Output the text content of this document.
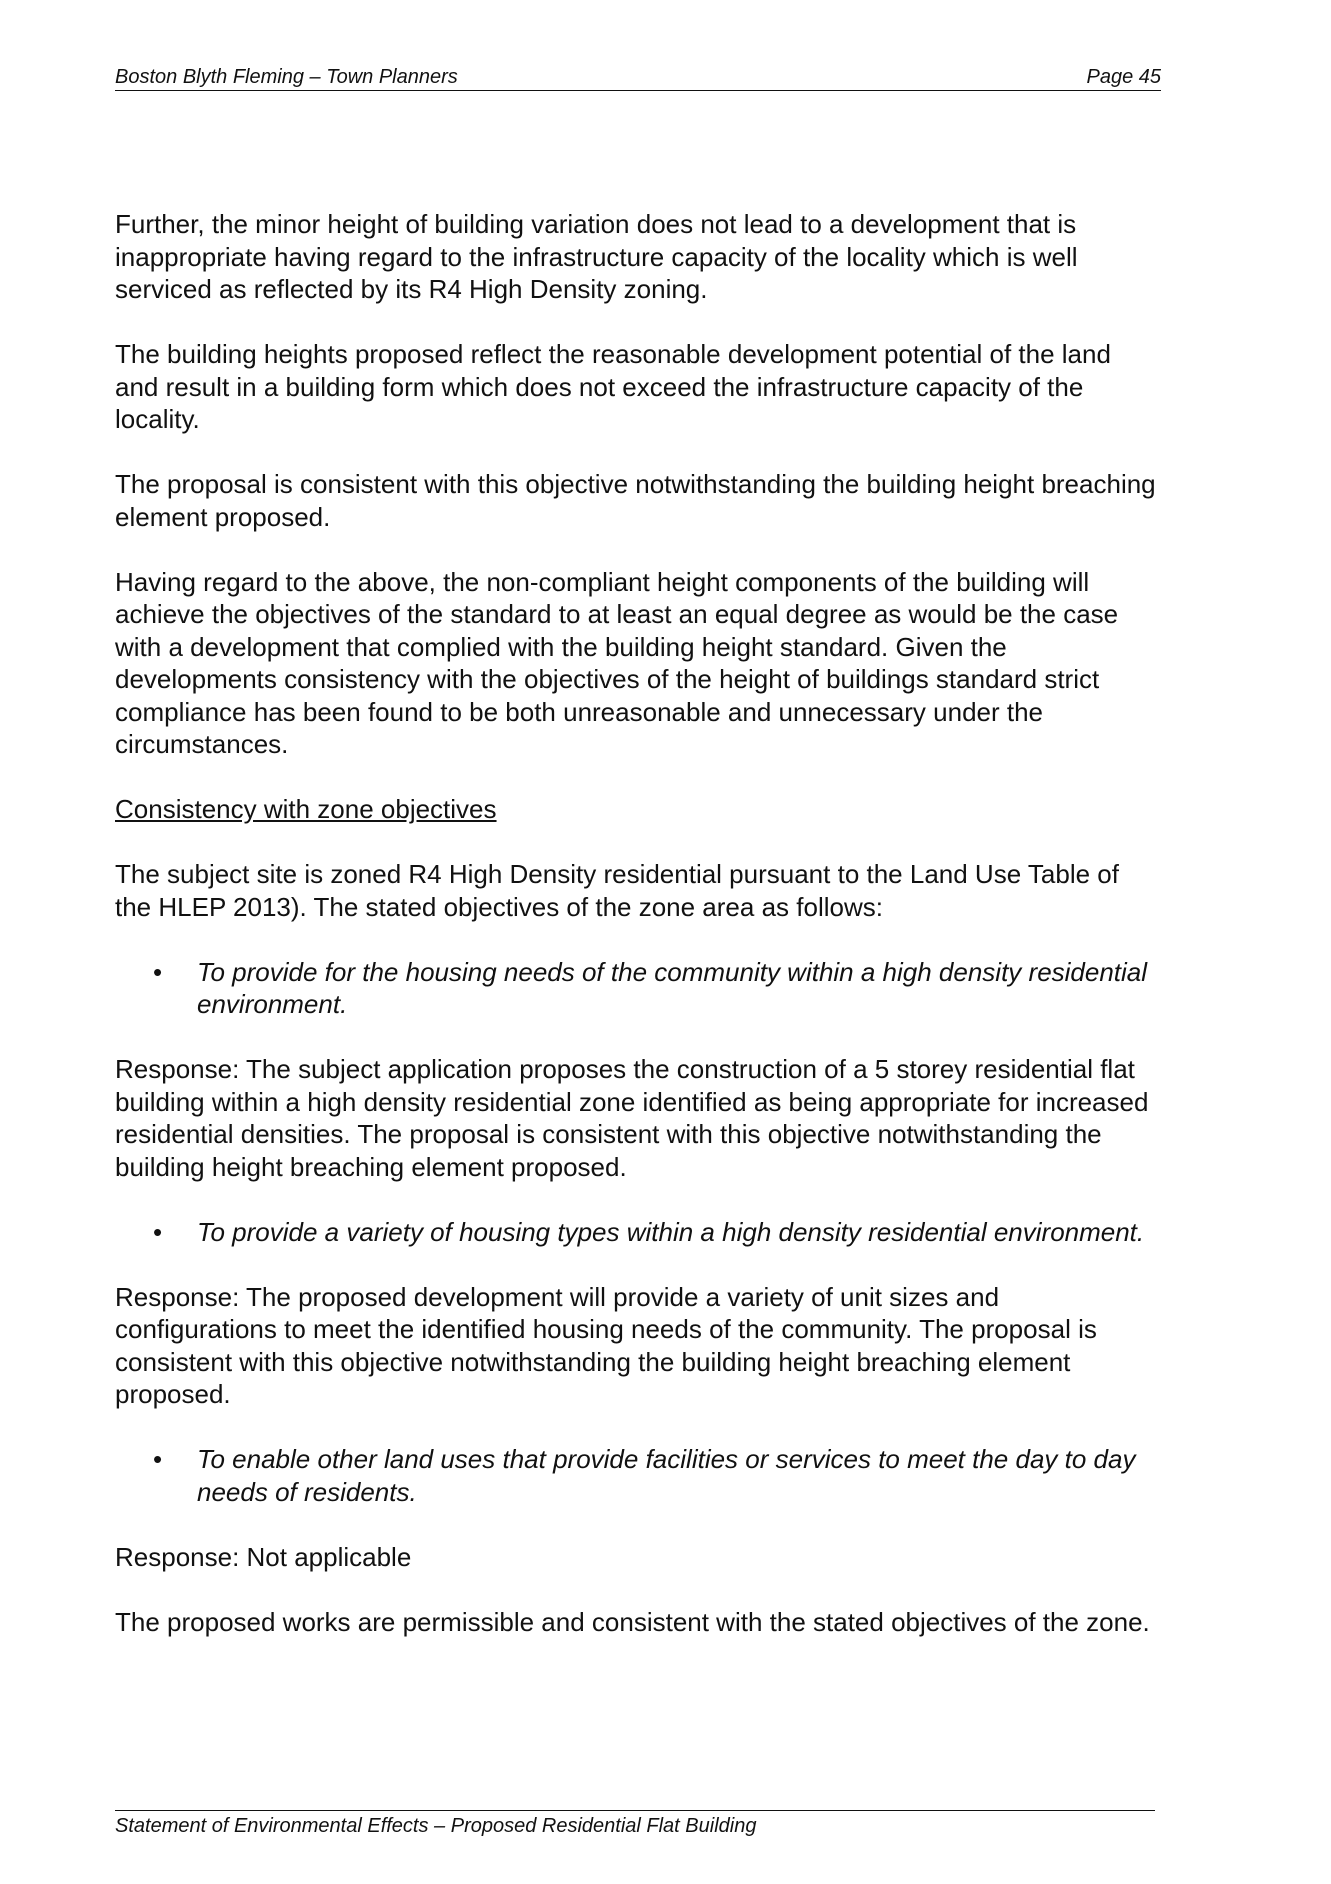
Boston Blyth Fleming – Town Planners	Page 45

Further, the minor height of building variation does not lead to a development that is inappropriate having regard to the infrastructure capacity of the locality which is well serviced as reflected by its R4 High Density zoning.

The building heights proposed reflect the reasonable development potential of the land and result in a building form which does not exceed the infrastructure capacity of the locality.

The proposal is consistent with this objective notwithstanding the building height breaching element proposed.

Having regard to the above, the non-compliant height components of the building will achieve the objectives of the standard to at least an equal degree as would be the case with a development that complied with the building height standard. Given the developments consistency with the objectives of the height of buildings standard strict compliance has been found to be both unreasonable and unnecessary under the circumstances.

Consistency with zone objectives

The subject site is zoned R4 High Density residential pursuant to the Land Use Table of the HLEP 2013). The stated objectives of the zone area as follows:

• To provide for the housing needs of the community within a high density residential environment.

Response: The subject application proposes the construction of a 5 storey residential flat building within a high density residential zone identified as being appropriate for increased residential densities. The proposal is consistent with this objective notwithstanding the building height breaching element proposed.

• To provide a variety of housing types within a high density residential environment.

Response: The proposed development will provide a variety of unit sizes and configurations to meet the identified housing needs of the community. The proposal is consistent with this objective notwithstanding the building height breaching element proposed.

• To enable other land uses that provide facilities or services to meet the day to day needs of residents.

Response: Not applicable

The proposed works are permissible and consistent with the stated objectives of the zone.

Statement of Environmental Effects – Proposed Residential Flat Building
